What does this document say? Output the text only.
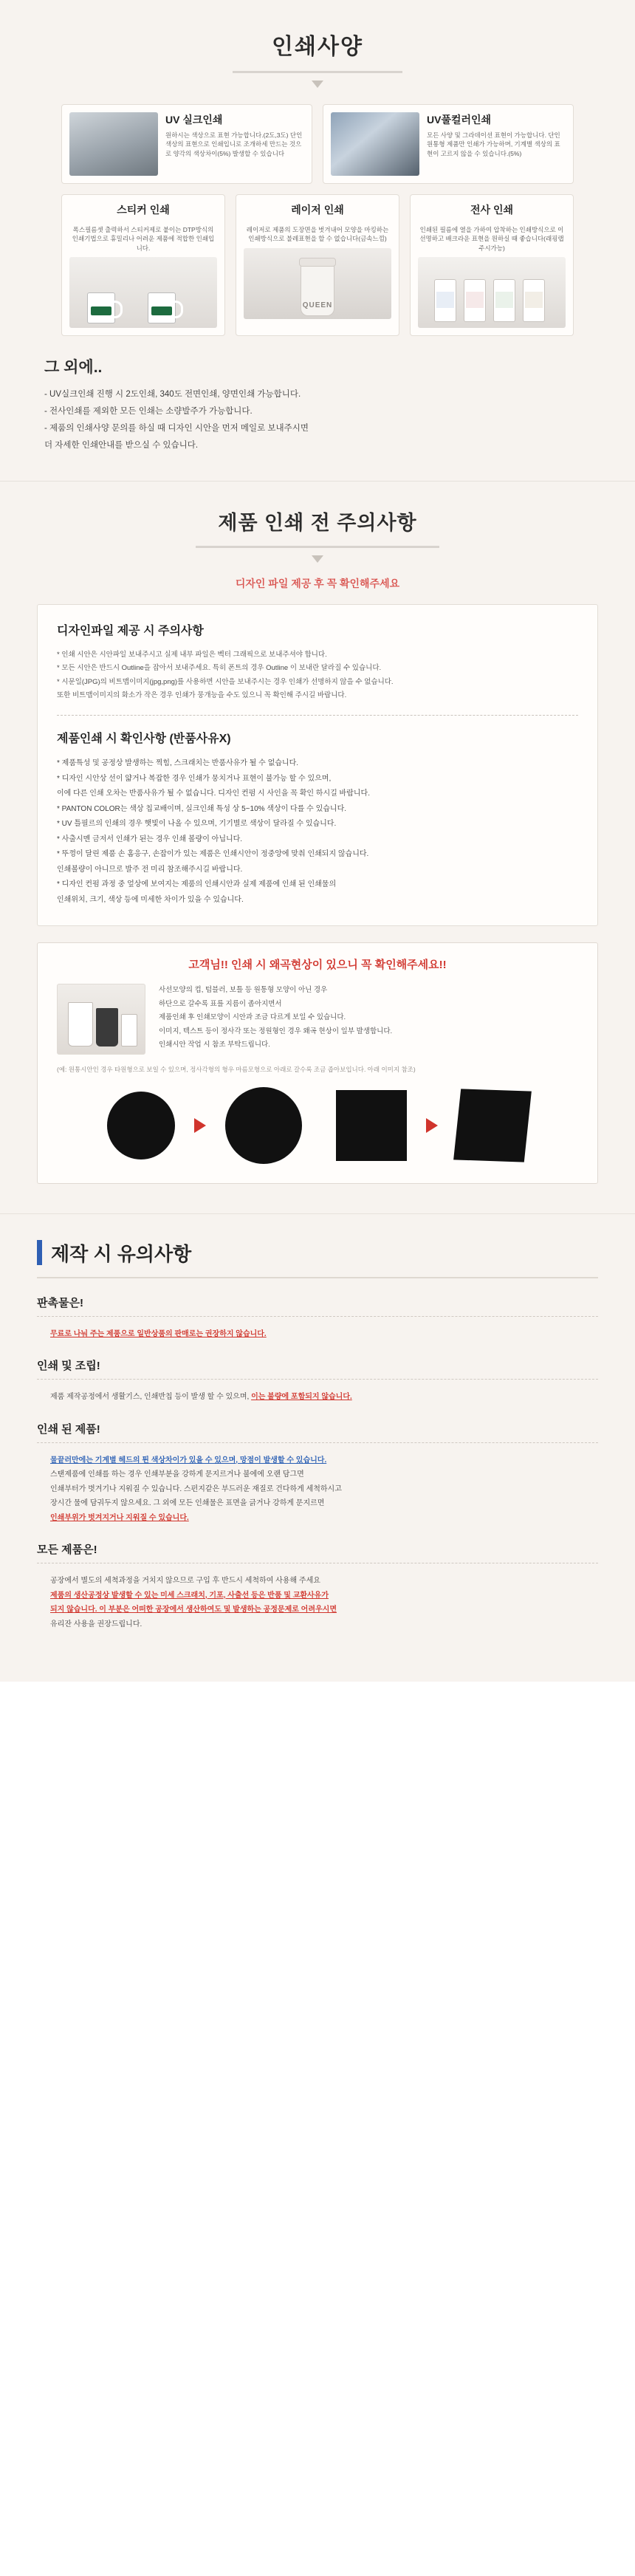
인쇄사양
UV 실크인쇄
원하시는 색상으로 표현 가능합니다.(2도,3도) 단인 색상의 표현으로 인쇄입니로 조개하세 만드는 것으로 양각의 색상차이(5%) 발생할 수 있습니다
UV풀컬러인쇄
모든 사양 및 그라데이션 표현이 가능합니다. 단인 원통형 제품만 인쇄가 가능하며, 기계별 색상의 표현이 고르지 않을 수 있습니다.(5%)
스티커 인쇄
폭스필름셋 출력하서 스티커제로 붙이는 DTP방식의 인쇄기법으로 휴밀리나 어려운 제품에 적합한 인쇄입니다.
레이저 인쇄
레이저로 제품의 도장면을 벗겨내어 모양을 마킹하는 인쇄방식으로 불레표현을 할 수 없습니다(금속느낌)
QUEEN
전사 인쇄
인쇄된 필름에 열을 가하여 압착하는 인쇄방식으로 이 선명하고 배크라운 표현을 원하실 때 좋습니다(래핑랩주시가능)
그 외에..
- UV실크인쇄 진행 시 2도인쇄, 340도 전면인쇄, 양면인쇄 가능합니다.
- 전사인쇄를 제외한 모든 인쇄는 소량발주가 가능합니다.
- 제품의 인쇄사양 문의를 하실 때 디자인 시안을 먼저 메일로 보내주시면
더 자세한 인쇄안내를 받으실 수 있습니다.
제품 인쇄 전 주의사항
디자인 파일 제공 후 꼭 확인해주세요
디자인파일 제공 시 주의사항
* 인쇄 시안은 시안파일 보내주시고 실제 내부 파일은 벡터 그래픽으로 보내주셔야 합니다.
* 모든 시안은 반드시 Outline을 잡아서 보내주세요. 특히 폰트의 경우 Outline 이 보내란 달라질 수 있습니다.
* 시문일(JPG)의 비트맵이미지(jpg,png)를 사용하면 시안을 보내주시는 경우 인쇄가 선명하지 않을 수 없습니다.
또한 비트맵이미지의 화소가 작은 경우 인쇄가 뭉개능을 수도 있으니 꼭 확인해 주시길 바랍니다.
제품인쇄 시 확인사항 (반품사유X)
* 제품특성 및 공정상 발생하는 찍힘, 스크래치는 반품사유가 될 수 없습니다.
* 디자인 시안상 선이 얇거나 복잡한 경우 인쇄가 뭉치거나 표현이 불가능 할 수 있으며,
이에 다른 인쇄 오차는 반품사유가 될 수 없습니다. 디자인 컨펌 시 사인을 꼭 확인 하시길 바랍니다.
* PANTON COLOR는 색상 칩교배이며, 실크인쇄 특성 상 5~10% 색상이 다를 수 있습니다.
* UV 틀필르의 인쇄의 경우 햇빛이 나올 수 있으며, 기기별로 색상이 달라질 수 있습니다.
* 사출시멘 금저서 인쇄가 된는 경우 인쇄 볼량이 아닙니다.
* 뚜껑이 달린 제품 손 홈응구, 손잡이가 있는 제품은 인쇄시안이 정중앙에 맞춰 인쇄되지 않습니다.
인쇄볼량이 아니므로 발주 전 미리 참조해주시길 바랍니다.
* 디자인 컨펌 과정 중 엎상에 보여지는 제품의 인쇄시안과 실제 제품에 인쇄 된 인쇄물의
인쇄위치, 크기, 색상 등에 미세한 차이가 있을 수 있습니다.
고객님!! 인쇄 시 왜곡현상이 있으니 꼭 확인해주세요!!
사선모양의 컵, 텀블러, 보틀 등 원통형 모양이 아닌 경우
하단으로 갈수록 표를 지름이 좁아지면서
제품인쇄 후 인쇄모양이 시안과 조금 다르게 보일 수 있습니다.
이미지, 텍스트 등이 정사각 또는 정원형인 경우 왜곡 현상이 일부 발생합니다.
인쇄시안 작업 시 참조 부탁드립니다.
(예: 원통시안인 경우 타원형으로 보일 수 있으며, 정사각형의 형우 마름모형으로 아래로 갈수록 조금 좁아보입니다. 아래 이미지 참조)
제작 시 유의사항
판촉물은!

무료로 나눠 주는 제품으로 일반상품의 판매로는 권장하지 않습니다.

인쇄 및 조립!

제품 제작공정에서 생활기스, 인쇄반칩 등이 발생 할 수 있으며, 이는 불량에 포함되지 않습니다.

인쇄 된 제품!

물끝러만에는 기계별 헤드의 튄 색상차이가 있을 수 있으며, 망점이 발생할 수 있습니다.

스탠제품에 인쇄를 하는 경우 인쇄부분을 강하게 문지르거나 불에에 오랜 담그면

인쇄부터가 벗겨기나 지워질 수 있습니다. 스펀지같은 부드러운 재질로 건다하게 세척하시고

장시간 물에 담궈두지 않으세요. 그 외에 모든 인쇄물은 표면을 긁거나 강하게 문지르면

인쇄부위가 벗겨지거나 지워질 수 있습니다.

모든 제품은!

공장에서 별도의 세척과정을 거치지 않으므로 구입 후 반드시 세척하여 사용해 주세요

제품의 생산공정상 발생할 수 있는 미세 스크래치, 기포, 사출선 등은 반품 및 교환사유가

되지 않습니다. 이 부분은 어떠한 공장에서 생산하여도 및 발생하는 공정문제로 어려우시면

유리잔 사용을 권장드립니다.
